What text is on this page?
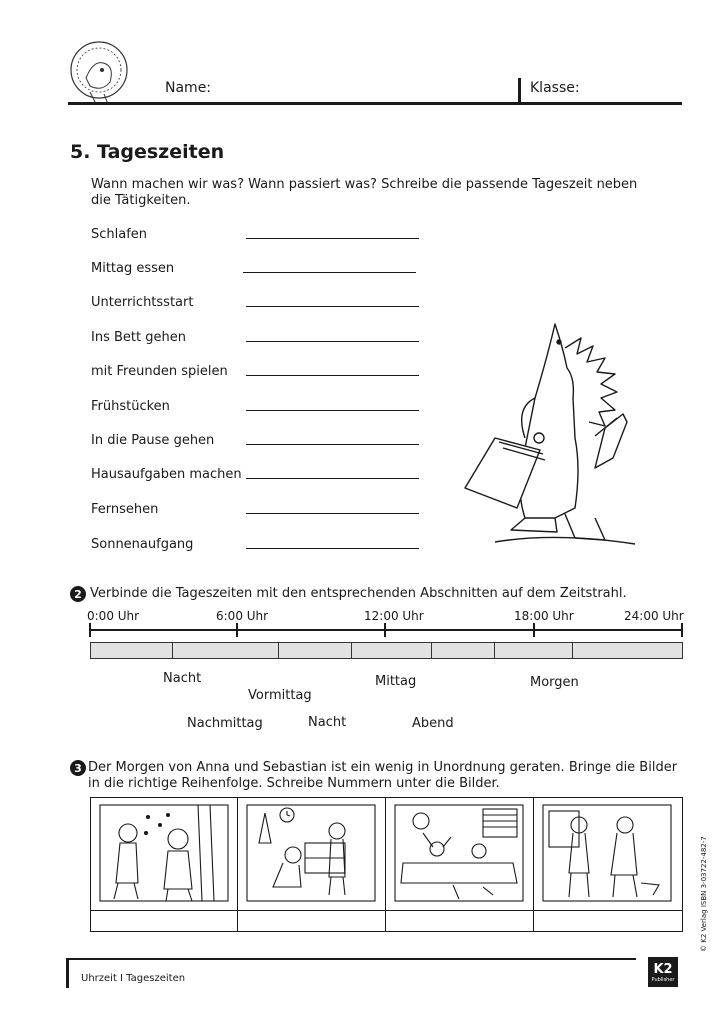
Name:	Klasse:
5. Tageszeiten
Wann machen wir was? Wann passiert was? Schreibe die passende Tageszeit neben die Tätigkeiten.
Schlafen
Mittag essen
Unterrichtsstart
Ins Bett gehen
mit Freunden spielen
Frühstücken
In die Pause gehen
Hausaufgaben machen
Fernsehen
Sonnenaufgang
2 Verbinde die Tageszeiten mit den entsprechenden Abschnitten auf dem Zeitstrahl.
0:00 Uhr	6:00 Uhr	12:00 Uhr	18:00 Uhr	24:00 Uhr
Nacht
Vormittag
Mittag	Morgen
Nachmittag	Nacht	Abend
3 Der Morgen von Anna und Sebastian ist ein wenig in Unordnung geraten. Bringe die Bilder in die richtige Reihenfolge. Schreibe Nummern unter die Bilder.
Uhrzeit I Tageszeiten
K2
Publisher
© K2 Verlag ISBN 3-03722-482-7
